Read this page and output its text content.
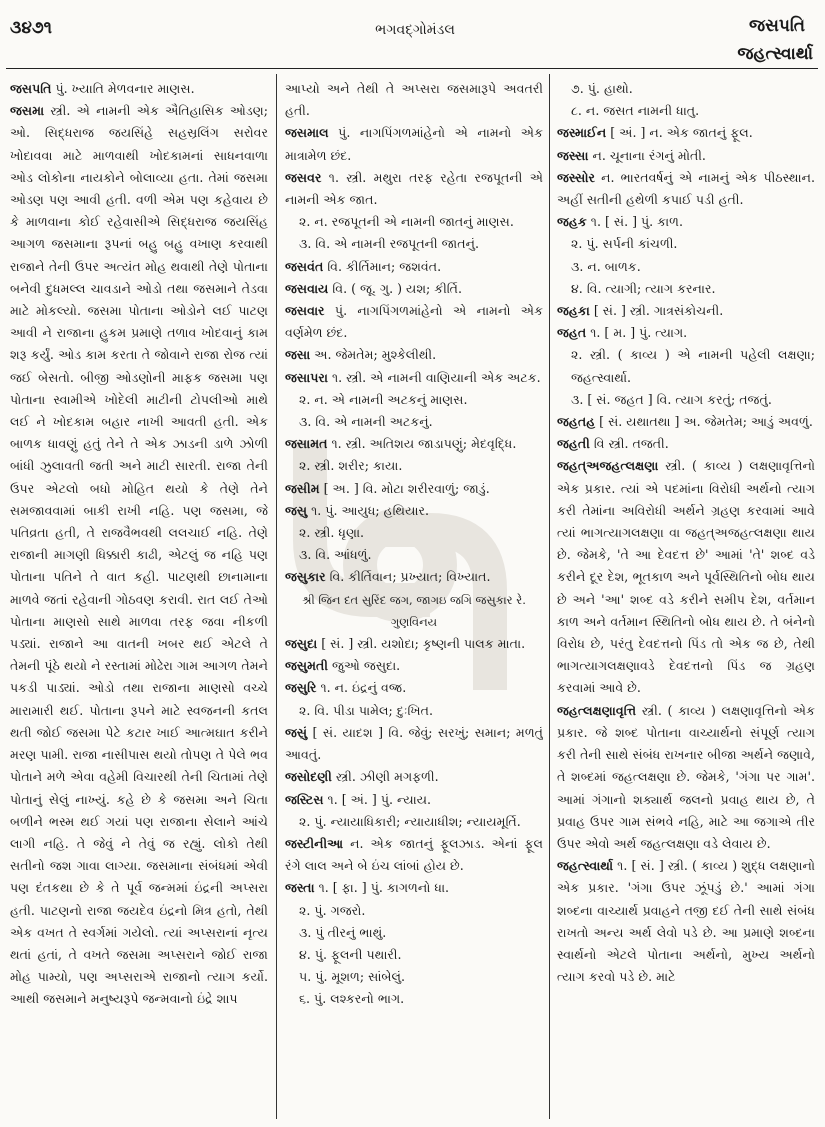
૩૪૭૧	ભગવદ્ગોમંડલ	જસપતિ
જહત્સ્વાર્થા

જસપતિ પું. ખ્યાતિ મેળવનાર માણસ.

જસમા સ્ત્રી. એ નામની એક ઐતિહાસિક ઓડણ; ઓ. સિદ્ધરાજ જયસિંહે સહસ્રલિંગ સરોવર ખોદાવવા માટે માળવાથી ખોદકામનાં સાધનવાળા ઓડ લોકોના નાયકોને બોલાવ્યા હતા. તેમાં જસમા ઓડણ પણ આવી હતી. વળી એમ પણ કહેવાય છે કે માળવાના કોઈ રહેવાસીએ સિદ્ધરાજ જયસિંહ આગળ જસમાના રૂપનાં બહુ બહુ વખાણ કરવાથી રાજાને તેની ઉપર અત્યંત મોહ થવાથી તેણે પોતાના બનેવી દુધમલ્લ ચાવડાને ઓડો તથા જસમાને તેડવા માટે મોકલ્યો. જસમા પોતાના ઓડોને લઈ પાટણ આવી ને રાજાના હુકમ પ્રમાણે તળાવ ખોદવાનું કામ શરૂ કર્યું. ઓડ કામ કરતા તે જોવાને રાજા રોજ ત્યાં જઈ બેસતો. બીજી ઓડણોની માફક જસમા પણ પોતાના સ્વામીએ ખોદેલી માટીની ટોપલીઓ માથે લઈ ને ખોદકામ બહાર નાખી આવતી હતી. એક બાળક ધાવણું હતું તેને તે એક ઝાડની ડાળે ઝોળી બાંધી ઝુલાવતી જતી અને માટી સારતી. રાજા તેની ઉપર એટલો બધો મોહિત થયો કે તેણે તેને સમજાવવામાં બાકી રાખી નહિ. પણ જસમા, જે પતિવ્રતા હતી, તે રાજવૈભવથી લલચાઈ નહિ. તેણે રાજાની માગણી ધિક્કારી કાઢી, એટલું જ નહિ પણ પોતાના પતિને તે વાત કહી. પાટણથી છાનામાના માળવે જતાં રહેવાની ગોઠવણ કરાવી. રાત લઈ તેઓ પોતાના માણસો સાથે માળવા તરફ જવા નીકળી પડ્યાં. રાજાને આ વાતની ખબર થઈ એટલે તે તેમની પૂંઠે થયો ને રસ્તામાં મોઢેરા ગામ આગળ તેમને પકડી પાડ્યાં. ઓડો તથા રાજાના માણસો વચ્ચે મારામારી થઈ. પોતાના રૂપને માટે સ્વજનની કતલ થતી જોઈ જસમા પેટે કટાર ખાઈ આત્મઘાત કરીને મરણ પામી. રાજા નાસીપાસ થયો તોપણ તે પેલે ભવ પોતાને મળે એવા વહેમી વિચારથી તેની ચિતામાં તેણે પોતાનું સેલું નાખ્યું. કહે છે કે જસમા અને ચિતા બળીને ભસ્મ થઈ ગયાં પણ રાજાના સેલાને આંચે લાગી નહિ. તે જેવું ને તેવું જ રહ્યું. લોકો તેથી સતીનો જશ ગાવા લાગ્યા. જસમાના સંબંધમાં એવી પણ દંતકથા છે કે તે પૂર્વ જન્મમાં ઇંદ્રની અપ્સરા હતી. પાટણનો રાજા જયદેવ ઇંદ્રનો મિત્ર હતો, તેથી એક વખત તે સ્વર્ગમાં ગયેલો. ત્યાં અપ્સરાનાં નૃત્ય થતાં હતાં, તે વખતે જસમા અપ્સરાને જોઈ રાજા મોહ પામ્યો, પણ અપ્સરાએ રાજાનો ત્યાગ કર્યો. આથી જસમાને મનુષ્યરૂપે જન્મવાનો ઇંદ્રે શાપ

આપ્યો અને તેથી તે અપ્સરા જસમારૂપે અવતરી હતી.

જસમાલ પું. નાગપિંગળમાંહેનો એ નામનો એક માત્રામેળ છંદ.

જસવર ૧. સ્ત્રી. મથુરા તરફ રહેતા રજપૂતની એ નામની એક જાત.

૨. ન. રજપૂતની એ નામની જાતનું માણસ.

૩. વિ. એ નામની રજપૂતની જાતનું.

જસવંત વિ. કીર્તિમાન; જશવંત.

જસવાય વિ. ( જૂ. ગુ. ) યશ; કીર્તિ.

જસવાર પું. નાગપિંગળમાંહેનો એ નામનો એક વર્ણમેળ છંદ.

જસા અ. જેમતેમ; મુશ્કેલીથી.

જસાપરા ૧. સ્ત્રી. એ નામની વાણિયાની એક અટક.

૨. ન. એ નામની અટકનું માણસ.

૩. વિ. એ નામની અટકનું.

જસામત ૧. સ્ત્રી. અતિશય જાડાપણું; મેદવૃદ્ધિ.

૨. સ્ત્રી. શરીર; કાયા.

જસીમ [ અ. ] વિ. મોટા શરીરવાળું; જાડું.

જસુ ૧. પું. આયુધ; હથિયાર.

૨. સ્ત્રી. ધૃણા.

૩. વિ. આંધળું.

જસુકાર વિ. કીર્તિવાન; પ્રખ્યાત; વિખ્યાત.

શ્રી જિન દત સુરિંદ જગ, જાગઇ જગિ જસુકાર રે. ગુણવિનય

જસુદા [ સં. ] સ્ત્રી. યશોદા; કૃષ્ણની પાલક માતા.

જસુમતી જુઓ જસુદા.

જસુરિ ૧. ન. ઇંદ્રનું વજ્ર.

૨. વિ. પીડા પામેલ; દુઃખિત.

જસું [ સં. યાદશ ] વિ. જેવું; સરખું; સમાન; મળતું આવતું.

જસોદણી સ્ત્રી. ઝીણી મગફળી.

જસ્ટિસ ૧. [ અં. ] પું. ન્યાય.

૨. પું. ન્યાયાધિકારી; ન્યાયાધીશ; ન્યાયમૂર્તિ.

જસ્ટીનીઆ ન. એક જાતનું ફૂલઝાડ. એનાં ફૂલ રંગે લાલ અને બે ઇંચ લાંબાં હોય છે.

જસ્તા ૧. [ ફા. ] પું. કાગળનો ધા.

૨. પું. ગજરો.

૩. પું તીરનું ભાથું.

૪. પું. ફૂલની પથારી.

૫. પું. મૂશળ; સાંબેલું.

૬. પું. લશ્કરનો ભાગ.

૭. પું. હાથો.

૮. ન. જસત નામની ધાતુ.

જસ્માઈન [ અં. ] ન. એક જાતનું ફૂલ.

જસ્સા ન. ચૂનાના રંગનું મોતી.

જસ્સોર ન. ભારતવર્ષનું એ નામનું એક પીઠસ્થાન. અહીં સતીની હથેળી કપાઈ પડી હતી.

જહક ૧. [ સં. ] પું. કાળ.

૨. પું. સર્પની કાંચળી.

૩. ન. બાળક.

૪. વિ. ત્યાગી; ત્યાગ કરનાર.

જહકા [ સં. ] સ્ત્રી. ગાત્રસંકોચની.

જહત ૧. [ મ. ] પું. ત્યાગ.

૨. સ્ત્રી. ( કાવ્ય ) એ નામની પહેલી લક્ષણા; જહત્સ્વાર્થા.

૩. [ સં. જહત ] વિ. ત્યાગ કરતું; તજતું.

જહતહ [ સં. યથાતથા ] અ. જેમતેમ; આડું અવળું.

જહતી વિ સ્ત્રી. તજતી.

જહત્અજહત્લક્ષણા સ્ત્રી. ( કાવ્ય ) લક્ષણાવૃત્તિનો એક પ્રકાર. ત્યાં એ પદમાંના વિરોધી અર્થનો ત્યાગ કરી તેમાંના અવિરોધી અર્થને ગ્રહણ કરવામાં આવે ત્યાં ભાગત્યાગલક્ષણા વા જહત્અજહત્લક્ષણા થાય છે. જેમકે, 'તે આ દેવદત્ત છે' આમાં 'તે' શબ્દ વડે કરીને દૂર દેશ, ભૂતકાળ અને પૂર્વસ્થિતિનો બોધ થાય છે અને 'આ' શબ્દ વડે કરીને સમીપ દેશ, વર્તમાન કાળ અને વર્તમાન સ્થિતિનો બોધ થાય છે. તે બંનેનો વિરોધ છે, પરંતુ દેવદત્તનો પિંડ તો એક જ છે, તેથી ભાગત્યાગલક્ષણાવડે દેવદત્તનો પિંડ જ ગ્રહણ કરવામાં આવે છે.

જહત્લક્ષણાવૃત્તિ સ્ત્રી. ( કાવ્ય ) લક્ષણાવૃત્તિનો એક પ્રકાર. જે શબ્દ પોતાના વાચ્યાર્થનો સંપૂર્ણ ત્યાગ કરી તેની સાથે સંબંધ રાખનાર બીજા અર્થને જણાવે, તે શબ્દમાં જહત્લક્ષણા છે. જેમકે, 'ગંગા પર ગામ'. આમાં ગંગાનો શક્યાર્થ જલનો પ્રવાહ થાય છે, તે પ્રવાહ ઉપર ગામ સંભવે નહિ, માટે આ જગાએ તીર ઉપર એવો અર્થ જહત્લક્ષણા વડે લેવાય છે.

જહત્સ્વાર્થા ૧. [ સં. ] સ્ત્રી. ( કાવ્ય ) શુદ્ધ લક્ષણાનો એક પ્રકાર. 'ગંગા ઉપર ઝૂંપડું છે.' આમાં ગંગા શબ્દના વાચ્યાર્થ પ્રવાહને તજી દઈ તેની સાથે સંબંધ રાખતો અન્ય અર્થ લેવો પડે છે. આ પ્રમાણે શબ્દના સ્વાર્થનો એટલે પોતાના અર્થનો, મુખ્ય અર્થનો ત્યાગ કરવો પડે છે. માટે
